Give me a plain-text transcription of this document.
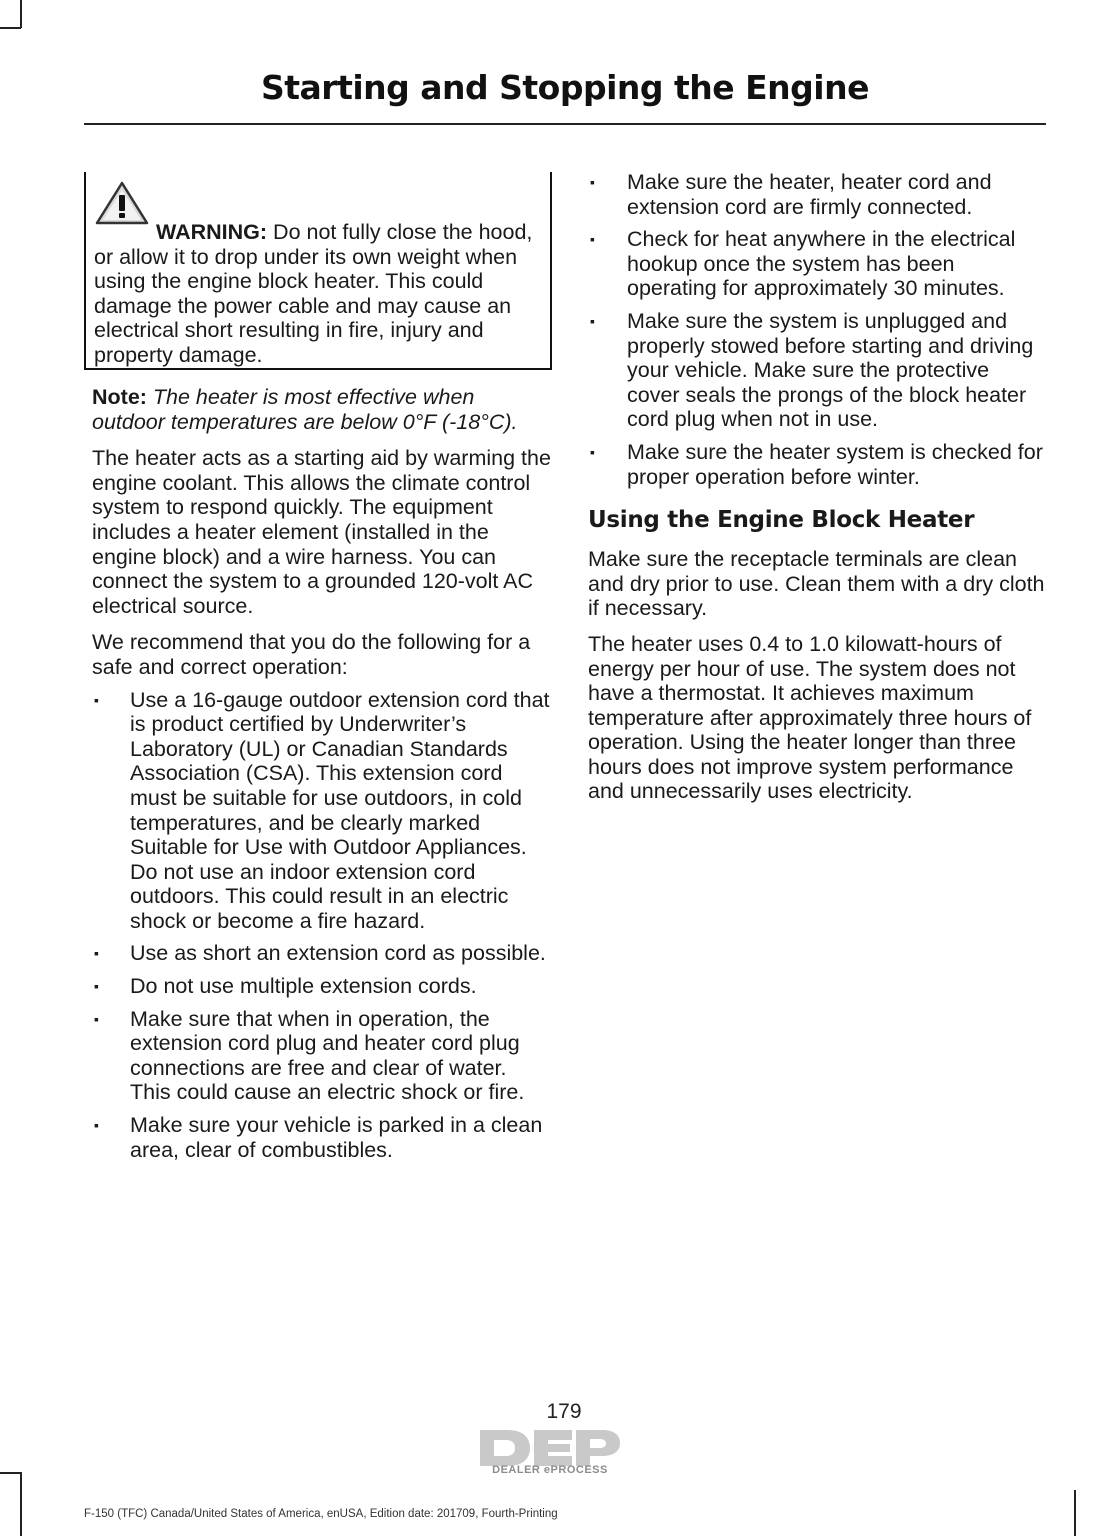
Starting and Stopping the Engine
WARNING: Do not fully close the hood, or allow it to drop under its own weight when using the engine block heater. This could damage the power cable and may cause an electrical short resulting in fire, injury and property damage.
Note: The heater is most effective when outdoor temperatures are below 0°F (-18°C).
The heater acts as a starting aid by warming the engine coolant. This allows the climate control system to respond quickly. The equipment includes a heater element (installed in the engine block) and a wire harness. You can connect the system to a grounded 120-volt AC electrical source.
We recommend that you do the following for a safe and correct operation:
▪ Use a 16-gauge outdoor extension cord that is product certified by Underwriter’s Laboratory (UL) or Canadian Standards Association (CSA). This extension cord must be suitable for use outdoors, in cold temperatures, and be clearly marked Suitable for Use with Outdoor Appliances. Do not use an indoor extension cord outdoors. This could result in an electric shock or become a fire hazard.
▪ Use as short an extension cord as possible.
▪ Do not use multiple extension cords.
▪ Make sure that when in operation, the extension cord plug and heater cord plug connections are free and clear of water. This could cause an electric shock or fire.
▪ Make sure your vehicle is parked in a clean area, clear of combustibles.
▪ Make sure the heater, heater cord and extension cord are firmly connected.
▪ Check for heat anywhere in the electrical hookup once the system has been operating for approximately 30 minutes.
▪ Make sure the system is unplugged and properly stowed before starting and driving your vehicle. Make sure the protective cover seals the prongs of the block heater cord plug when not in use.
▪ Make sure the heater system is checked for proper operation before winter.
Using the Engine Block Heater
Make sure the receptacle terminals are clean and dry prior to use. Clean them with a dry cloth if necessary.
The heater uses 0.4 to 1.0 kilowatt-hours of energy per hour of use. The system does not have a thermostat. It achieves maximum temperature after approximately three hours of operation. Using the heater longer than three hours does not improve system performance and unnecessarily uses electricity.
179
DEALER ePROCESS
F-150 (TFC) Canada/United States of America, enUSA, Edition date: 201709, Fourth-Printing
